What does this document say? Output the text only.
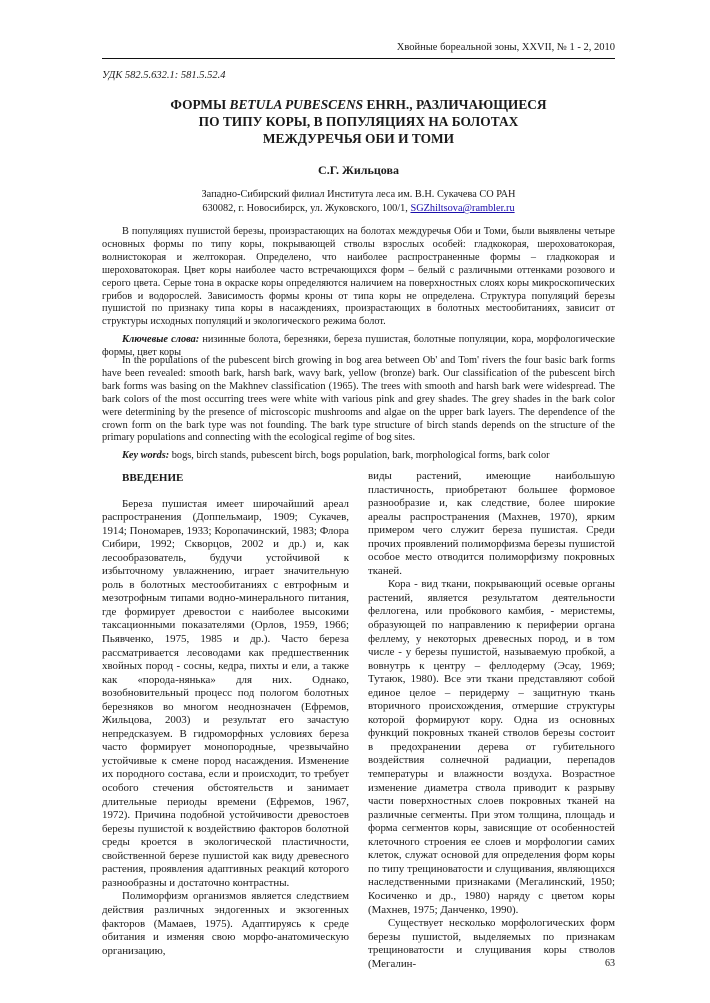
Хвойные бореальной зоны, XXVII, № 1 - 2, 2010
УДК 582.5.632.1: 581.5.52.4
ФОРМЫ BETULA PUBESCENS EHRH., РАЗЛИЧАЮЩИЕСЯ
ПО ТИПУ КОРЫ, В ПОПУЛЯЦИЯХ НА БОЛОТАХ
МЕЖДУРЕЧЬЯ ОБИ И ТОМИ
С.Г. Жильцова
Западно-Сибирский филиал Института леса им. В.Н. Сукачева СО РАН
630082, г. Новосибирск, ул. Жуковского, 100/1, SGZhiltsova@rambler.ru

В популяциях пушистой березы, произрастающих на болотах междуречья Оби и Томи, были выявлены четыре основных формы по типу коры, покрывающей стволы взрослых особей: гладкокорая, шероховатокорая, волнистокорая и желтокорая. Определено, что наиболее распространенные формы – гладкокорая и шероховатокорая. Цвет коры наиболее часто встречающихся форм – белый с различными оттенками розового и серого цвета. Серые тона в окраске коры определяются наличием на поверхностных слоях коры микроскопических грибов и водорослей. Зависимость формы кроны от типа коры не определена. Структура популяций березы пушистой по признаку типа коры в насаждениях, произрастающих в болотных местообитаниях, зависит от структуры исходных популяций и экологического режима болот.

Ключевые слова: низинные болота, березняки, береза пушистая, болотные популяции, кора, морфологические формы, цвет коры

In the populations of the pubescent birch growing in bog area between Ob' and Tom' rivers the four basic bark forms have been revealed: smooth bark, harsh bark, wavy bark, yellow (bronze) bark. Our classification of the pubescent birch bark forms was basing on the Makhnev classification (1965). The trees with smooth and harsh bark were widespread. The bark colors of the most occurring trees were white with various pink and grey shades. The grey shades in the bark color were determining by the presence of microscopic mushrooms and algae on the upper bark layers. The dependence of the crown form on the bark type was not founding. The bark type structure of birch stands depends on the structure of the primary populations and connecting with the ecological regime of bog sites.

Key words: bogs, birch stands, pubescent birch, bogs population, bark, morphological forms, bark color

ВВЕДЕНИЕ

Береза пушистая имеет широчайший ареал распространения (Доппельмаир, 1909; Сукачев, 1914; Пономарев, 1933; Коропачинский, 1983; Флора Сибири, 1992; Скворцов, 2002 и др.) и, как лесообразователь, будучи устойчивой к избыточному увлажнению, играет значительную роль в болотных местообитаниях с евтрофным и мезотрофным типами водно-минерального питания, где формирует древостои с наиболее высокими таксационными показателями (Орлов, 1959, 1966; Пьявченко, 1975, 1985 и др.). Часто береза рассматривается лесоводами как предшественник хвойных пород - сосны, кедра, пихты и ели, а также как «порода-нянька» для них. Однако, возобновительный процесс под пологом болотных березняков во многом неоднозначен (Ефремов, Жильцова, 2003) и результат его зачастую непредсказуем. В гидроморфных условиях береза часто формирует монопородные, чрезвычайно устойчивые к смене пород насаждения. Изменение их породного состава, если и происходит, то требует особого стечения обстоятельств и занимает длительные периоды времени (Ефремов, 1967, 1972). Причина подобной устойчивости древостоев березы пушистой к воздействию факторов болотной среды кроется в экологической пластичности, свойственной березе пушистой как виду древесного растения, проявления адаптивных реакций которого разнообразны и достаточно контрастны.

Полиморфизм организмов является следствием действия различных эндогенных и экзогенных факторов (Мамаев, 1975). Адаптируясь к среде обитания и изменяя свою морфо-анатомическую организацию,

виды растений, имеющие наибольшую пластичность, приобретают большее формовое разнообразие и, как следствие, более широкие ареалы распространения (Махнев, 1970), ярким примером чего служит береза пушистая. Среди прочих проявлений полиморфизма березы пушистой особое место отводится полиморфизму покровных тканей.

Кора - вид ткани, покрывающий осевые органы растений, является результатом деятельности феллогена, или пробкового камбия, - меристемы, образующей по направлению к периферии органа феллему, у некоторых древесных пород, и в том числе - у березы пушистой, называемую пробкой, а вовнутрь к центру – феллодерму (Эсау, 1969; Тутаюк, 1980). Все эти ткани представляют собой единое целое – перидерму – защитную ткань вторичного происхождения, отмершие структуры которой формируют кору. Одна из основных функций покровных тканей стволов березы состоит в предохранении дерева от губительного воздействия солнечной радиации, перепадов температуры и влажности воздуха. Возрастное изменение диаметра ствола приводит к разрыву части поверхностных слоев покровных тканей на различные сегменты. При этом толщина, площадь и форма сегментов коры, зависящие от особенностей клеточного строения ее слоев и морфологии самих клеток, служат основой для определения форм коры по типу трещиноватости и слущивания, являющихся наследственными признаками (Мегалинский, 1950; Косиченко и др., 1980) наряду с цветом коры (Махнев, 1975; Данченко, 1990).

Существует несколько морфологических форм березы пушистой, выделяемых по признакам трещиноватости и слущивания коры стволов (Мегалин-	63
